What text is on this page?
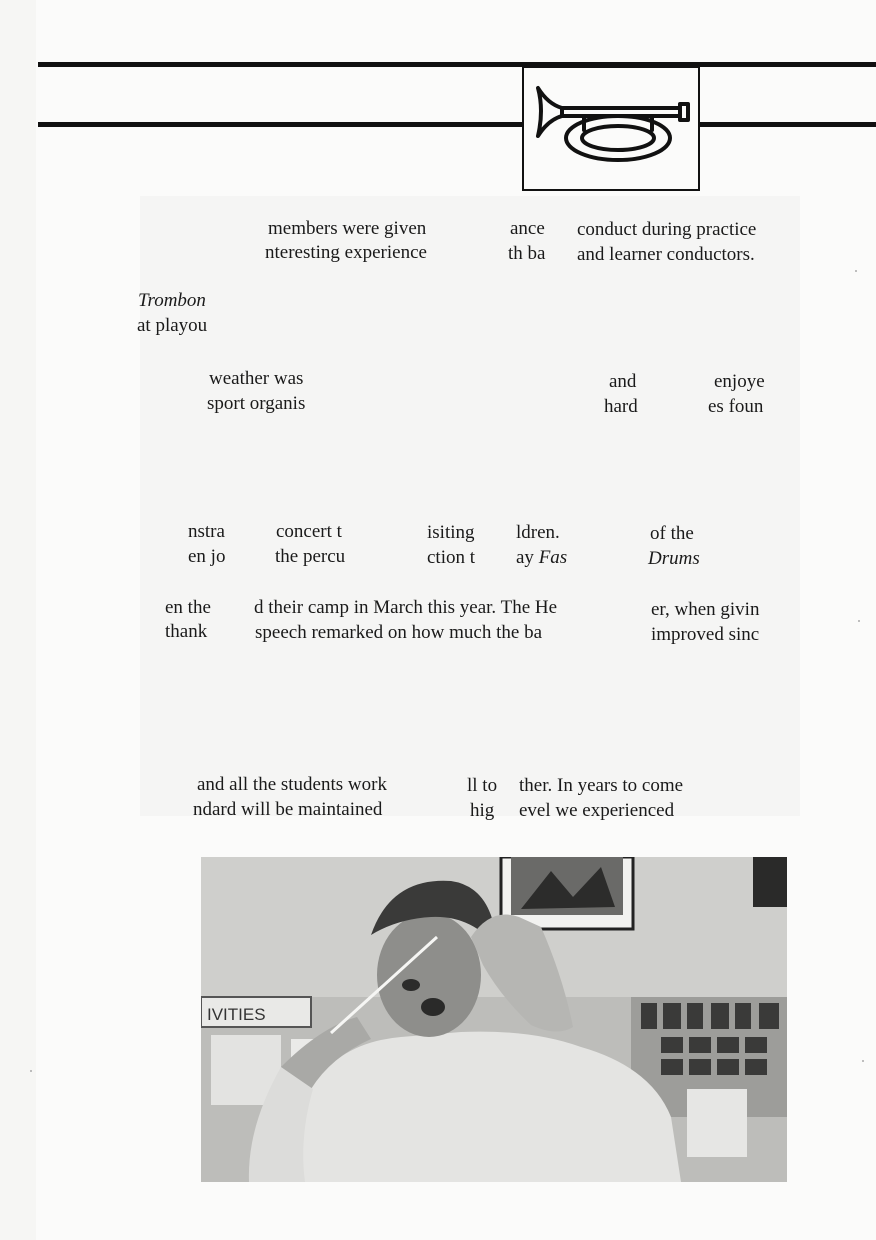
members were given	ance conduct during practice
nteresting experience	th ba and learner conductors.
Trombon
at playou
weather was	and	enjoye
sport organis	hard	es foun
nstra	concert t	isiting ldren.	of the
en jo	the percu	ction t ay Fas	Drums
en the d their camp in March this year. The He	er, when givin
thank	speech remarked on how much the ba	improved sinc
and all the students work	ll to ther. In years to come
ndard will be maintained	hig evel we experienced
IVITIES
